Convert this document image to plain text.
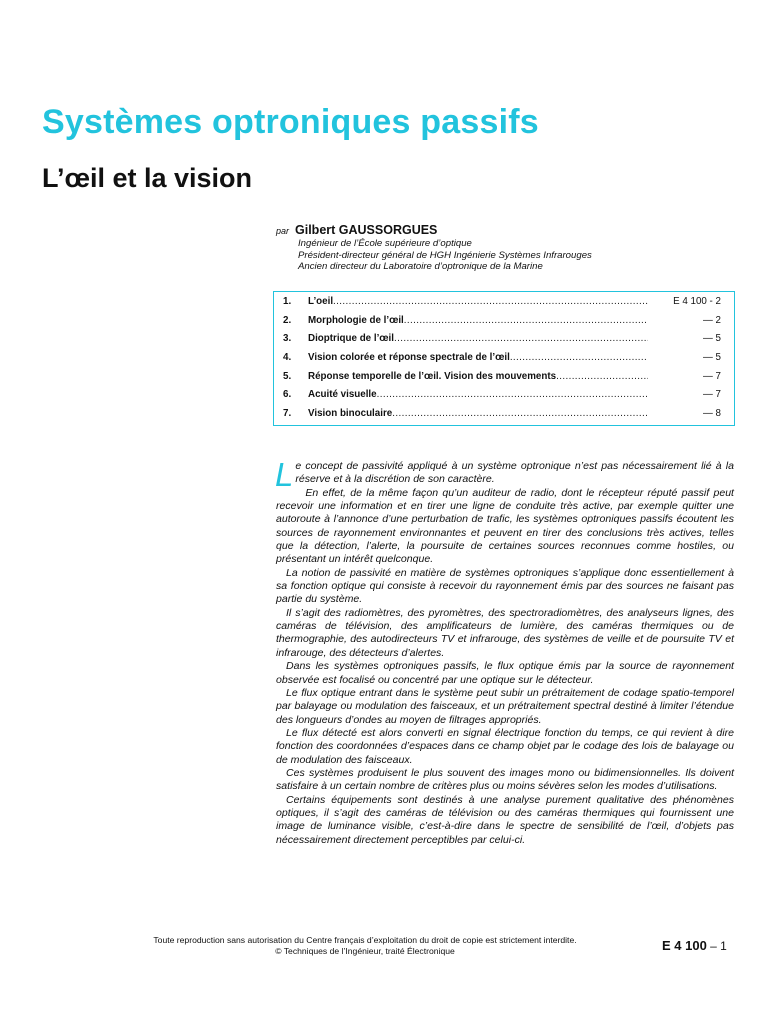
Systèmes optroniques passifs
L’œil et la vision
par Gilbert GAUSSORGUES
Ingénieur de l’École supérieure d’optique
Président-directeur général de HGH Ingénierie Systèmes Infrarouges
Ancien directeur du Laboratoire d’optronique de la Marine
1.	L’oeil .....	E 4 100 - 2
2.	Morphologie de l’œil .....	— 2
3.	Dioptrique de l’œil .....	— 5
4.	Vision colorée et réponse spectrale de l’œil .....	— 5
5.	Réponse temporelle de l’œil. Vision des mouvements .....	— 7
6.	Acuité visuelle .....	— 7
7.	Vision binoculaire .....	— 8

Le concept de passivité appliqué à un système optronique n’est pas nécessairement lié à la réserve et à la discrétion de son caractère.

En effet, de la même façon qu’un auditeur de radio, dont le récepteur réputé passif peut recevoir une information et en tirer une ligne de conduite très active, par exemple quitter une autoroute à l’annonce d’une perturbation de trafic, les systèmes optroniques passifs écoutent les sources de rayonnement environnantes et peuvent en tirer des conclusions très actives, telles que la détection, l’alerte, la poursuite de certaines sources reconnues comme hostiles, ou présentant un intérêt quelconque.

La notion de passivité en matière de systèmes optroniques s’applique donc essentiellement à sa fonction optique qui consiste à recevoir du rayonnement émis par des sources ne faisant pas partie du système.

Il s’agit des radiomètres, des pyromètres, des spectroradiomètres, des analyseurs lignes, des caméras de télévision, des amplificateurs de lumière, des caméras thermiques ou de thermographie, des autodirecteurs TV et infrarouge, des systèmes de veille et de poursuite TV et infrarouge, des détecteurs d’alertes.

Dans les systèmes optroniques passifs, le flux optique émis par la source de rayonnement observée est focalisé ou concentré par une optique sur le détecteur.

Le flux optique entrant dans le système peut subir un prétraitement de codage spatio-temporel par balayage ou modulation des faisceaux, et un prétraitement spectral destiné à limiter l’étendue des longueurs d’ondes au moyen de filtrages appropriés.

Le flux détecté est alors converti en signal électrique fonction du temps, ce qui revient à dire fonction des coordonnées d’espaces dans ce champ objet par le codage des lois de balayage ou de modulation des faisceaux.

Ces systèmes produisent le plus souvent des images mono ou bidimensionnelles. Ils doivent satisfaire à un certain nombre de critères plus ou moins sévères selon les modes d’utilisations.

Certains équipements sont destinés à une analyse purement qualitative des phénomènes optiques, il s’agit des caméras de télévision ou des caméras thermiques qui fournissent une image de luminance visible, c’est-à-dire dans le spectre de sensibilité de l’œil, d’objets pas nécessairement directement perceptibles par celui-ci.

Toute reproduction sans autorisation du Centre français d’exploitation du droit de copie est strictement interdite.
© Techniques de l’Ingénieur, traité Électronique	E 4 100 – 1
